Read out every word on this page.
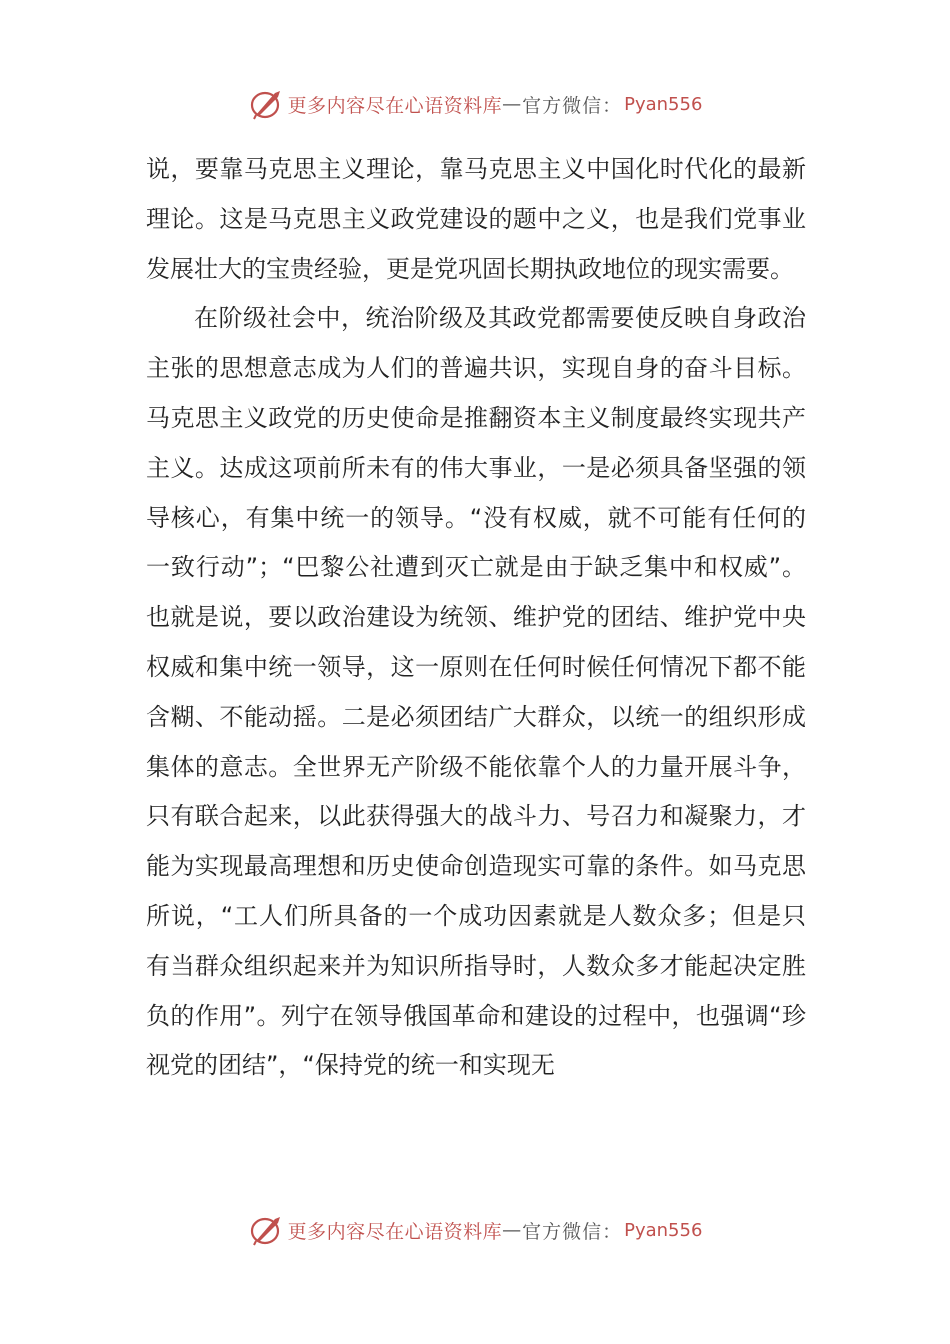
更多内容尽在心语资料库 — 官方微信： Pyan556

说，要靠马克思主义理论，靠马克思主义中国化时代化的最新理论。这是马克思主义政党建设的题中之义，也是我们党事业发展壮大的宝贵经验，更是党巩固长期执政地位的现实需要。

在阶级社会中，统治阶级及其政党都需要使反映自身政治主张的思想意志成为人们的普遍共识，实现自身的奋斗目标。马克思主义政党的历史使命是推翻资本主义制度最终实现共产主义。达成这项前所未有的伟大事业，一是必须具备坚强的领导核心，有集中统一的领导。“没有权威，就不可能有任何的一致行动”；“巴黎公社遭到灭亡就是由于缺乏集中和权威”。也就是说，要以政治建设为统领、维护党的团结、维护党中央权威和集中统一领导，这一原则在任何时候任何情况下都不能含糊、不能动摇。二是必须团结广大群众，以统一的组织形成集体的意志。全世界无产阶级不能依靠个人的力量开展斗争，只有联合起来，以此获得强大的战斗力、号召力和凝聚力，才能为实现最高理想和历史使命创造现实可靠的条件。如马克思所说，“工人们所具备的一个成功因素就是人数众多；但是只有当群众组织起来并为知识所指导时，人数众多才能起决定胜负的作用”。列宁在领导俄国革命和建设的过程中，也强调“珍视党的团结”，“保持党的统一和实现无

更多内容尽在心语资料库 — 官方微信： Pyan556
